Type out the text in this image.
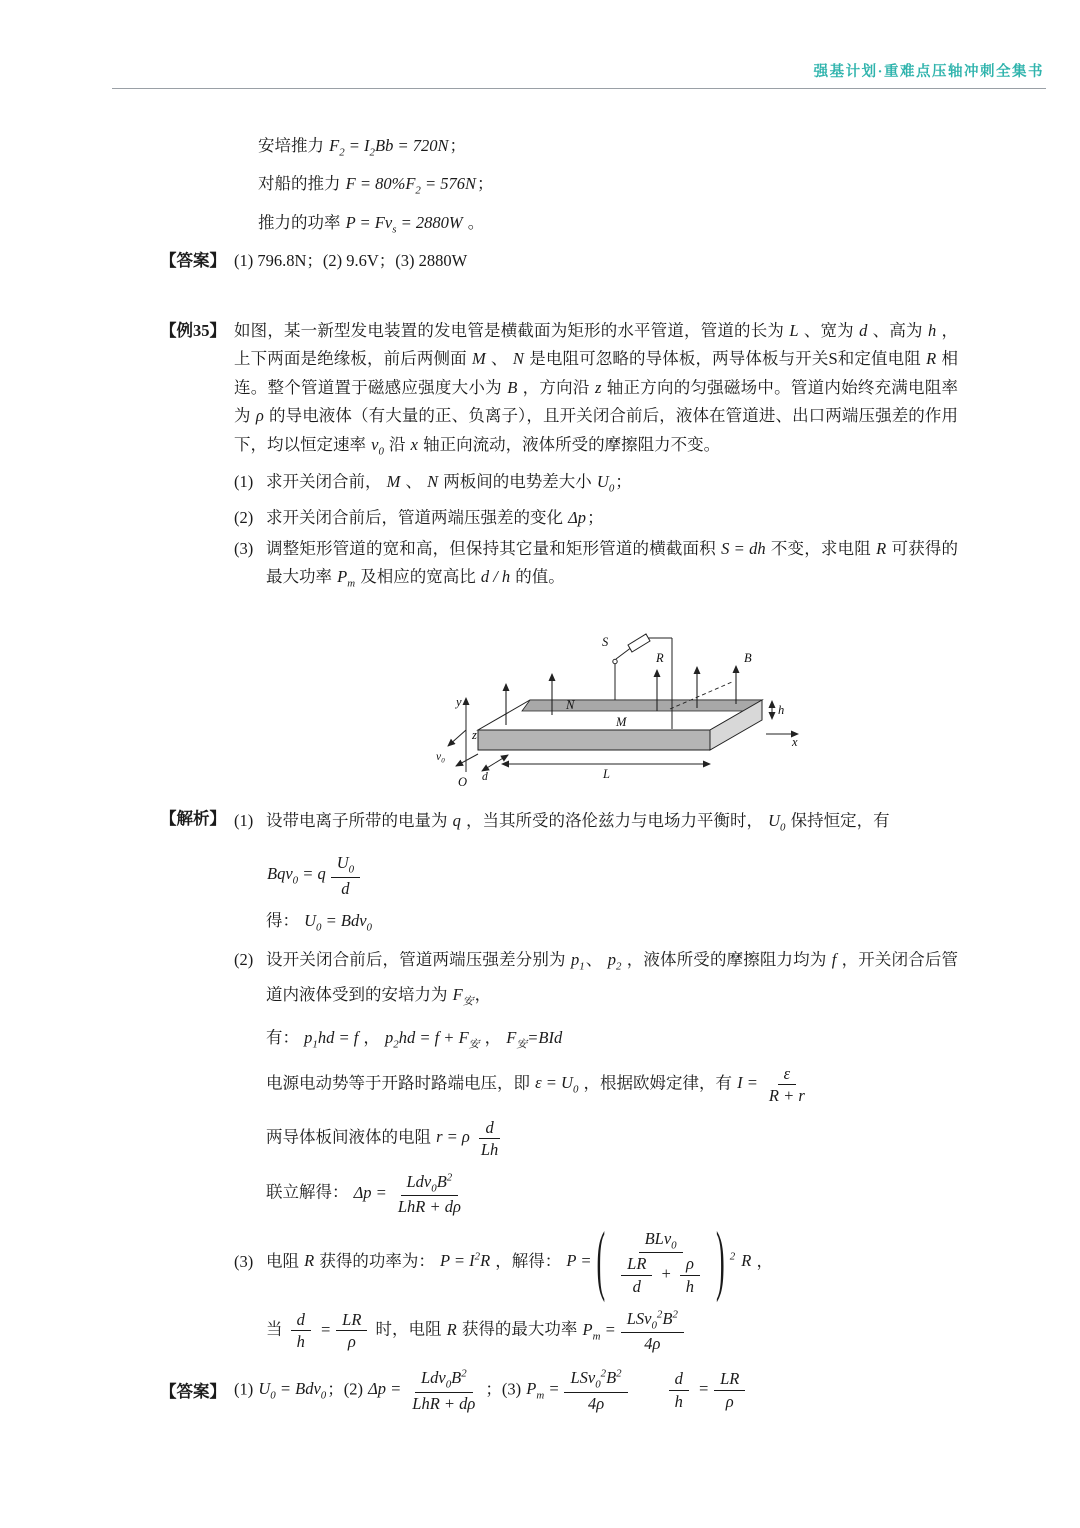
强基计划·重难点压轴冲刺全集书
安培推力 $F_2 = I_2Bb = 720N$；
对船的推力 $F = 80\%F_2 = 576N$；
推力的功率 $P = Fv_s = 2880W$ 。
【答案】 (1) 796.8N；(2) 9.6V；(3) 2880W
【例35】 如图，某一新型发电装置的发电管是横截面为矩形的水平管道，管道的长为 L 、宽为 d 、高为 h ，上下两面是绝缘板，前后两侧面 M 、 N 是电阻可忽略的导体板，两导体板与开关S和定值电阻 R 相连。整个管道置于磁感应强度大小为 B ，方向沿 z 轴正方向的匀强磁场中。管道内始终充满电阻率为 ρ 的导电液体（有大量的正、负离子），且开关闭合前后，液体在管道进、出口两端压强差的作用下，均以恒定速率 $v_0$ 沿 x 轴正向流动，液体所受的摩擦阻力不变。
(1) 求开关闭合前， M 、 N 两板间的电势差大小 $U_0$；
(2) 求开关闭合前后，管道两端压强差的变化 Δp；
(3) 调整矩形管道的宽和高，但保持其它量和矩形管道的横截面积 S = dh 不变，求电阻 R 可获得的最大功率 $P_m$ 及相应的宽高比 d / h 的值。
y
z
v₀
d
O
L
M
N
S
R	B
h
x
【解析】 (1) 设带电离子所带的电量为 q ，当其所受的洛伦兹力与电场力平衡时， $U_0$ 保持恒定，有
Bqv$_0$ = q $\frac{U_0}{d}$
得： $U_0 = Bdv_0$
(2) 设开关闭合前后，管道两端压强差分别为 $p_1$、 $p_2$ ，液体所受的摩擦阻力均为 f ，开关闭合后管道内液体受到的安培力为 $F_安$，
有： $p_1hd = f$ ， $p_2hd = f + F_安$ ， $F_安=BId$
电源电动势等于开路时路端电压，即 $\varepsilon = U_0$ ，根据欧姆定律，有 $I = \frac{\varepsilon}{R + r}$
两导体板间液体的电阻 r = ρ $\frac{d}{Lh}$
联立解得： $\Delta p = \frac{Ldv_0B^2}{\text{LhR + dρ}}$
(3) 电阻 R 获得的功率为： $P = I^2R$ ，解得： P = ( $\frac{BLv_0}{\frac{LR}{d} + \frac{\rho}{h}}$ ) $^2$ R ，
当 $\frac{d}{h} = \frac{LR}{\rho}$ 时，电阻 R 获得的最大功率 $P_m = \frac{LSv_0^2B^2}{4\rho}$
【答案】 (1) $U_0 = Bdv_0$；(2) $\Delta p = \frac{Ldv_0B^2}{\text{LhR + dρ}}$ ；(3) $P_m = \frac{LSv_0^2B^2}{4\rho}$
　　 $\frac{d}{h} = \frac{LR}{\rho}$
